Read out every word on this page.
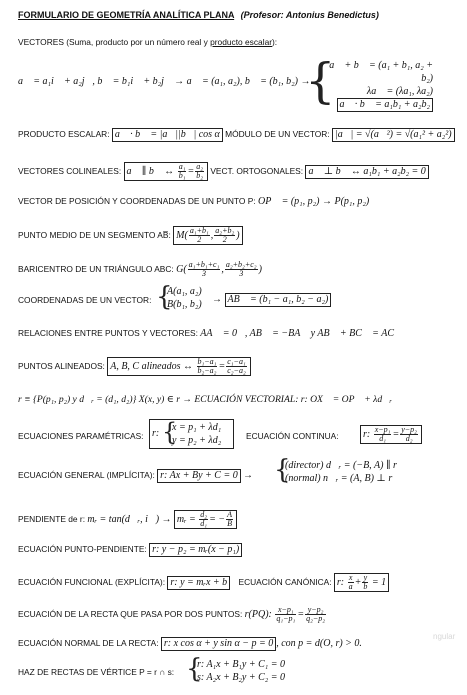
FORMULARIO DE GEOMETRÍA ANALÍTICA PLANA (Profesor: Antonius Benedictus)
VECTORES (Suma, producto por un número real y producto escalar):
a⃗ = a₁i⃗ + a₂j⃗, b⃗ = b₁i⃗ + b₂j⃗ → a⃗ = (a₁, a₂), b⃗ = (b₁, b₂) →
{
a⃗ + b⃗ = (a₁ + b₁, a₂ + b₂)
λa⃗ = (λa₁, λa₂)
a⃗ · b⃗ = a₁b₁ + a₂b₂
PRODUCTO ESCALAR: a⃗ · b⃗ = |a⃗||b⃗| cos α MÓDULO DE UN VECTOR: |a⃗| = √(a⃗²) = √(a₁² + a₂²)
VECTORES COLINEALES: a⃗ ∥ b⃗ ↔ $\frac{\text{a₁}}{\text{b₁}} = \frac{\text{a₂}}{\text{b₂}}$ VECT. ORTOGONALES: a⃗ ⊥ b⃗ ↔ a₁b₁ + a₂b₂ = 0
VECTOR DE POSICIÓN Y COORDENADAS DE UN PUNTO P: OP⃗ = (p₁, p₂) → P(p₁, p₂)
PUNTO MEDIO DE UN SEGMENTO AB̅: $M( \frac{\text{a₁+b₁}}{2}$ , $\frac{\text{a₂+b₂}}{2}$ )
BARICENTRO DE UN TRIÁNGULO ABC: $G( \frac{\text{a₁+b₁+c₁}}{3}$ , $\frac{\text{a₂+b₂+c₂}}{3}$ )
COORDENADAS DE UN VECTOR: {
A(a₁, a₂)
B(b₁, b₂) → AB⃗ = (b₁ − a₁, b₂ − a₂)
RELACIONES ENTRE PUNTOS Y VECTORES: AA⃗ = 0⃗, AB⃗ = −BA⃗ y AB⃗ + BC⃗ = AC⃗
PUNTOS ALINEADOS: A, B, C alineados ↔ $\frac{\text{b₁−a₁}}{\text{b₂−a₂}} = \frac{\text{c₁−a₁}}{\text{c₂−a₂}}$
r ≡ {P(p₁, p₂) y d⃗ᵣ = (d₁, d₂)} X(x, y) ∈ r → ECUACIÓN VECTORIAL: r: OX⃗ = OP⃗ + λd⃗ᵣ
ECUACIONES PARAMÉTRICAS: r: {
x = p₁ + λd₁
y = p₂ + λd₂	ECUACIÓN CONTINUA:	r: $\frac{\text{x−p₁}}{\text{d₁}} = \frac{\text{y−p₂}}{\text{d₂}}$
ECUACIÓN GENERAL (IMPLÍCITA): r: Ax + By + C = 0 → {
(director) d⃗ᵣ = (−B, A) ∥ r
(normal) n⃗ᵣ = (A, B) ⊥ r
PENDIENTE de r: mᵣ = tan(d⃗ᵣ, i⃗) → mᵣ = $\frac{\text{d₂}}{\text{d₁}}$ = − $\frac{A}{B}$
ECUACIÓN PUNTO-PENDIENTE: r: y − p₂ = mᵣ(x − p₁)
ECUACIÓN FUNCIONAL (EXPLÍCITA): r: y = mᵣx + b ECUACIÓN CANÓNICA: r: $\frac{x}{a} + \frac{y}{b} = 1$
ECUACIÓN DE LA RECTA QUE PASA POR DOS PUNTOS: r(PQ): $\frac{\text{x−p₁}}{\text{q₁−p₁}} = \frac{\text{y−p₂}}{\text{q₂−p₂}}$
ECUACIÓN NORMAL DE LA RECTA: r: x cos α + y sin α − p = 0 , con p = d(O, r) > 0.
ngular
HAZ DE RECTAS DE VÉRTICE P = r ∩ s: {
r: A₁x + B₁y + C₁ = 0
s: A₂x + B₂y + C₂ = 0
